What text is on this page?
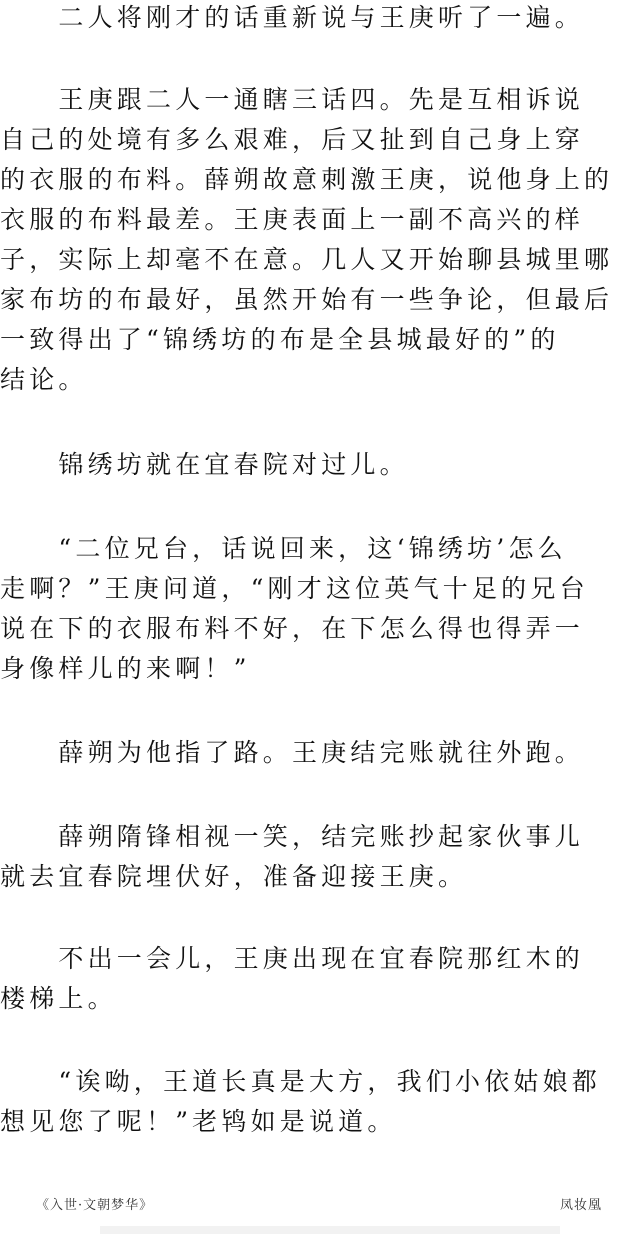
　　二人将刚才的话重新说与王庚听了一遍。
　　王庚跟二人一通瞎三话四。先是互相诉说
自己的处境有多么艰难，后又扯到自己身上穿
的衣服的布料。薛朔故意刺激王庚，说他身上的
衣服的布料最差。王庚表面上一副不高兴的样
子，实际上却毫不在意。几人又开始聊县城里哪
家布坊的布最好，虽然开始有一些争论，但最后
一致得出了“锦绣坊的布是全县城最好的”的
结论。
　　锦绣坊就在宜春院对过儿。
　　“二位兄台，话说回来，这‘锦绣坊’怎么
走啊？”王庚问道，“刚才这位英气十足的兄台
说在下的衣服布料不好，在下怎么得也得弄一
身像样儿的来啊！”
　　薛朔为他指了路。王庚结完账就往外跑。
　　薛朔隋锋相视一笑，结完账抄起家伙事儿
就去宜春院埋伏好，准备迎接王庚。
　　不出一会儿，王庚出现在宜春院那红木的
楼梯上。
　　“诶呦，王道长真是大方，我们小依姑娘都
想见您了呢！”老鸨如是说道。
《入世·文朝梦华》	凤妆凰
